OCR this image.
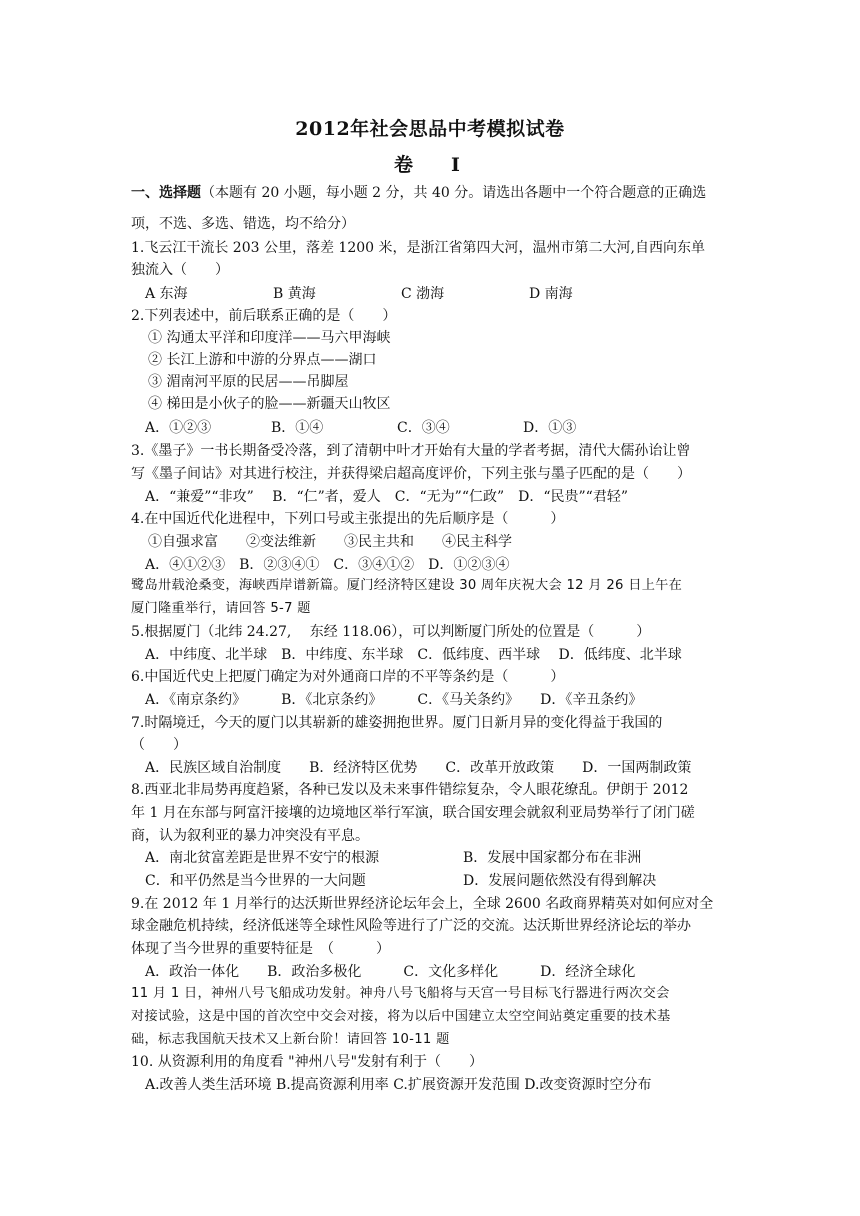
2012年社会思品中考模拟试卷
卷 I
一、选择题（本题有 20 小题，每小题 2 分，共 40 分。请选出各题中一个符合题意的正确选
项，不选、多选、错选，均不给分）
1.飞云江干流长 203 公里，落差 1200 米，是浙江省第四大河，温州市第二大河,自西向东单
独流入（　　）
A 东海	B 黄海	C 渤海	D 南海
2.下列表述中，前后联系正确的是（　　）
① 沟通太平洋和印度洋——马六甲海峡
② 长江上游和中游的分界点——湖口
③ 湄南河平原的民居——吊脚屋
④ 梯田是小伙子的脸——新疆天山牧区
A．①②③	B．①④	C．③④	D．①③
3.《墨子》一书长期备受冷落，到了清朝中叶才开始有大量的学者考据，清代大儒孙诒让曾
写《墨子间诂》对其进行校注，并获得梁启超高度评价，下列主张与墨子匹配的是（　　）
A．“兼爱”“非攻”　 B．“仁”者，爱人　C．“无为”“仁政”　D．“民贵”“君轻”
4.在中国近代化进程中，下列口号或主张提出的先后顺序是（　　　）
①自强求富　　②变法维新　　③民主共和　　④民主科学
A．④①②③　B．②③④①　C．③④①②　D．①②③④
鹭岛卅载沧桑变，海峡西岸谱新篇。厦门经济特区建设 30 周年庆祝大会 12 月 26 日上午在
厦门隆重举行，请回答 5-7 题
5.根据厦门（北纬 24.27,　 东经 118.06），可以判断厦门所处的位置是（　　　）
A．中纬度、北半球　B．中纬度、东半球　C．低纬度、西半球　 D．低纬度、北半球
6.中国近代史上把厦门确定为对外通商口岸的不平等条约是（　　　）
A．《南京条约》　　　B．《北京条约》　　　C．《马关条约》　　D．《辛丑条约》
7.时隔境迁，今天的厦门以其崭新的雄姿拥抱世界。厦门日新月异的变化得益于我国的
（　　）
A．民族区域自治制度　　B．经济特区优势　　C．改革开放政策　　D．一国两制政策
8.西亚北非局势再度趋紧，各种已发以及未来事件错综复杂，令人眼花缭乱。伊朗于 2012
年 1 月在东部与阿富汗接壤的边境地区举行军演，联合国安理会就叙利亚局势举行了闭门磋
商，认为叙利亚的暴力冲突没有平息。
A．南北贫富差距是世界不安宁的根源	B．发展中国家都分布在非洲
C．和平仍然是当今世界的一大问题	D．发展问题依然没有得到解决
9.在 2012 年 1 月举行的达沃斯世界经济论坛年会上，全球 2600 名政商界精英对如何应对全
球金融危机持续，经济低迷等全球性风险等进行了广泛的交流。达沃斯世界经济论坛的举办
体现了当今世界的重要特征是　（　　　）
A．政治一体化　　B．政治多极化　　　C．文化多样化　　　D．经济全球化
11 月 1 日，神州八号飞船成功发射。神舟八号飞船将与天宫一号目标飞行器进行两次交会
对接试验，这是中国的首次空中交会对接，将为以后中国建立太空空间站奠定重要的技术基
础，标志我国航天技术又上新台阶！请回答 10-11 题
10. 从资源利用的角度看 "神州八号"发射有利于（　　）
A.改善人类生活环境 B.提高资源利用率 C.扩展资源开发范围 D.改变资源时空分布
